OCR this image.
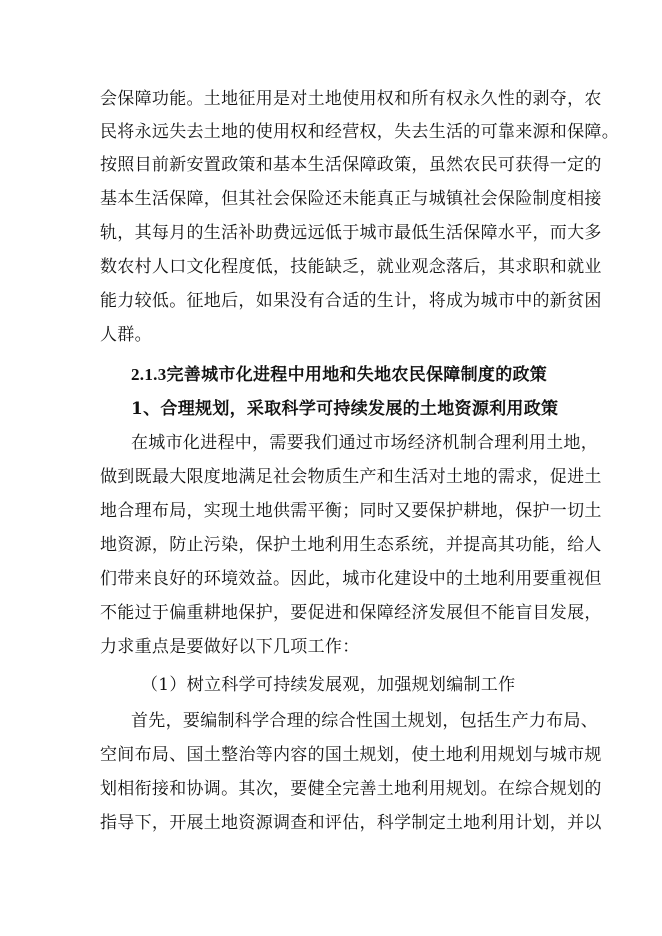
会保障功能。土地征用是对土地使用权和所有权永久性的剥夺，农
民将永远失去土地的使用权和经营权，失去生活的可靠来源和保障。
按照目前新安置政策和基本生活保障政策，虽然农民可获得一定的
基本生活保障，但其社会保险还未能真正与城镇社会保险制度相接
轨，其每月的生活补助费远远低于城市最低生活保障水平，而大多
数农村人口文化程度低，技能缺乏，就业观念落后，其求职和就业
能力较低。征地后，如果没有合适的生计，将成为城市中的新贫困
人群。
2.1.3完善城市化进程中用地和失地农民保障制度的政策
1、合理规划，采取科学可持续发展的土地资源利用政策
在城市化进程中，需要我们通过市场经济机制合理利用土地，
做到既最大限度地满足社会物质生产和生活对土地的需求，促进土
地合理布局，实现土地供需平衡；同时又要保护耕地，保护一切土
地资源，防止污染，保护土地利用生态系统，并提高其功能，给人
们带来良好的环境效益。因此，城市化建设中的土地利用要重视但
不能过于偏重耕地保护，要促进和保障经济发展但不能盲目发展，
力求重点是要做好以下几项工作：
（1）树立科学可持续发展观，加强规划编制工作
首先，要编制科学合理的综合性国土规划，包括生产力布局、
空间布局、国土整治等内容的国土规划，使土地利用规划与城市规
划相衔接和协调。其次，要健全完善土地利用规划。在综合规划的
指导下，开展土地资源调查和评估，科学制定土地利用计划，并以
